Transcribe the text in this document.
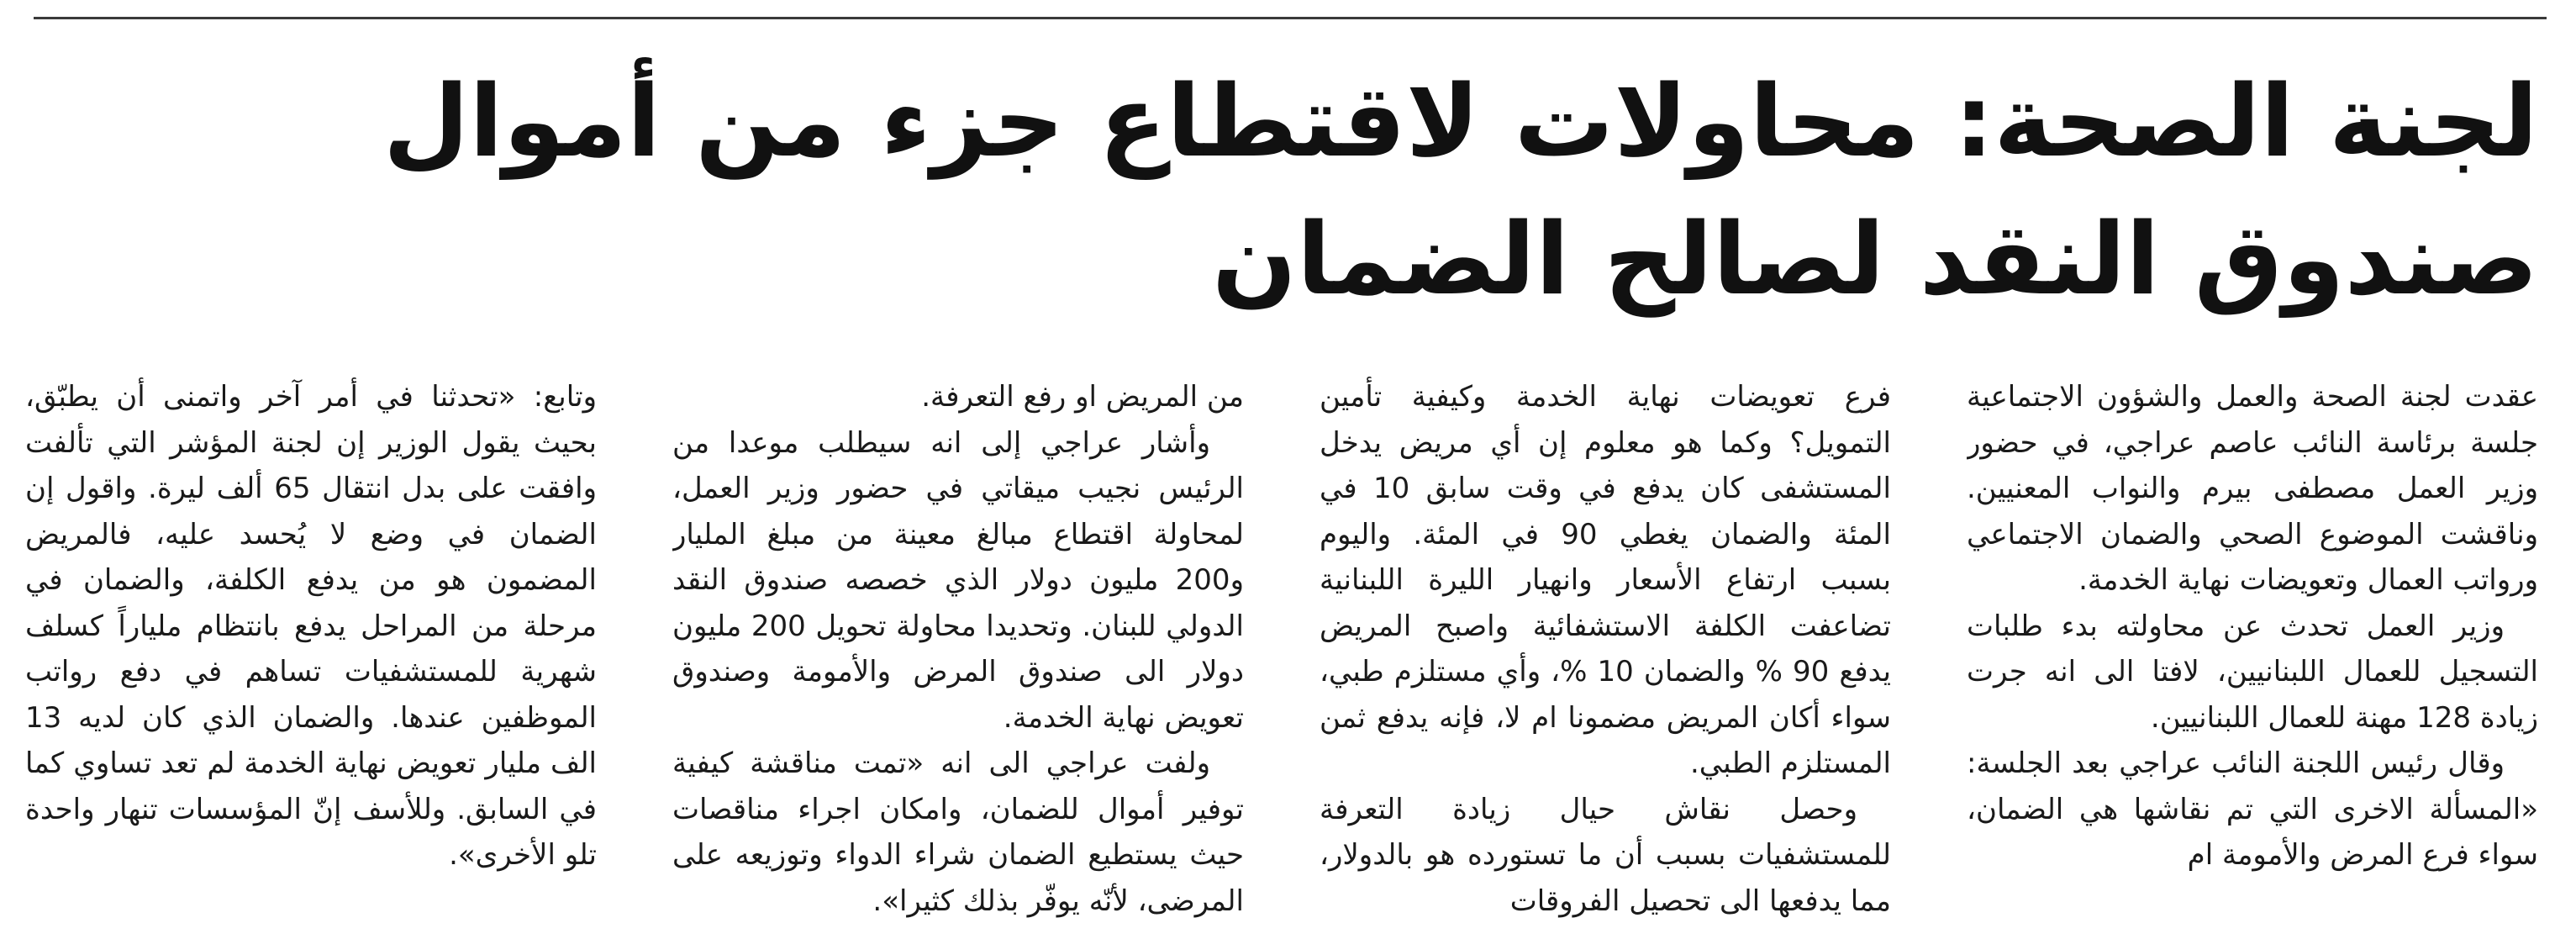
لجنة الصحة: محاولات لاقتطاع جزء من أموال صندوق النقد لصالح الضمان

عقدت لجنة الصحة والعمل والشؤون الاجتماعية جلسة برئاسة النائب عاصم عراجي، في حضور وزير العمل مصطفى بيرم والنواب المعنيين. وناقشت الموضوع الصحي والضمان الاجتماعي ورواتب العمال وتعويضات نهاية الخدمة.

وزير العمل تحدث عن محاولته بدء طلبات التسجيل للعمال اللبنانيين، لافتا الى انه جرت زيادة 128 مهنة للعمال اللبنانيين.

وقال رئيس اللجنة النائب عراجي بعد الجلسة: «المسألة الاخرى التي تم نقاشها هي الضمان، سواء فرع المرض والأمومة ام

فرع تعويضات نهاية الخدمة وكيفية تأمين التمويل؟ وكما هو معلوم إن أي مريض يدخل المستشفى كان يدفع في وقت سابق 10 في المئة والضمان يغطي 90 في المئة. واليوم بسبب ارتفاع الأسعار وانهيار الليرة اللبنانية تضاعفت الكلفة الاستشفائية واصبح المريض يدفع 90 % والضمان 10 %، وأي مستلزم طبي، سواء أكان المريض مضمونا ام لا، فإنه يدفع ثمن المستلزم الطبي.

وحصل نقاش حيال زيادة التعرفة للمستشفيات بسبب أن ما تستورده هو بالدولار، مما يدفعها الى تحصيل الفروقات

من المريض او رفع التعرفة.

وأشار عراجي إلى انه سيطلب موعدا من الرئيس نجيب ميقاتي في حضور وزير العمل، لمحاولة اقتطاع مبالغ معينة من مبلغ المليار و200 مليون دولار الذي خصصه صندوق النقد الدولي للبنان. وتحديدا محاولة تحويل 200 مليون دولار الى صندوق المرض والأمومة وصندوق تعويض نهاية الخدمة.

ولفت عراجي الى انه «تمت مناقشة كيفية توفير أموال للضمان، وامكان اجراء مناقصات حيث يستطيع الضمان شراء الدواء وتوزيعه على المرضى، لأنّه يوفّر بذلك كثيرا».

وتابع: «تحدثنا في أمر آخر واتمنى أن يطبّق، بحيث يقول الوزير إن لجنة المؤشر التي تألفت وافقت على بدل انتقال 65 ألف ليرة. واقول إن الضمان في وضع لا يُحسد عليه، فالمريض المضمون هو من يدفع الكلفة، والضمان في مرحلة من المراحل يدفع بانتظام ملياراً كسلف شهرية للمستشفيات تساهم في دفع رواتب الموظفين عندها. والضمان الذي كان لديه 13 الف مليار تعويض نهاية الخدمة لم تعد تساوي كما في السابق. وللأسف إنّ المؤسسات تنهار واحدة تلو الأخرى».
